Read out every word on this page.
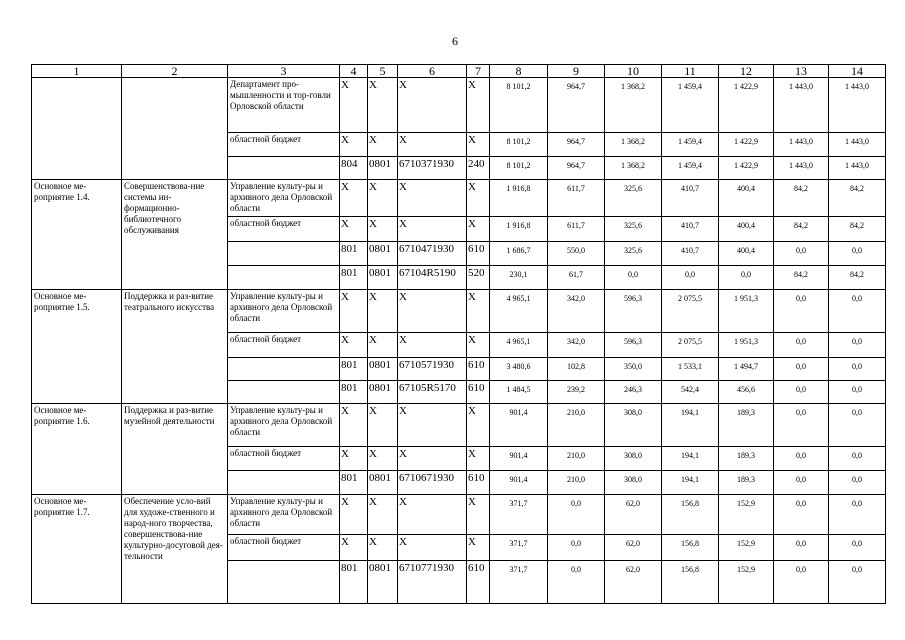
6
1	2	3	4	5	6	7	8	9	10	11	12	13	14
		Департамент про-мышленности и тор-говли Орловской области	X	X	X	X	8 101,2	964,7	1 368,2	1 459,4	1 422,9	1 443,0	1 443,0
		областной бюджет	X	X	X	X	8 101,2	964,7	1 368,2	1 459,4	1 422,9	1 443,0	1 443,0
			804	0801	6710371930	240	8 101,2	964,7	1 368,2	1 459,4	1 422,9	1 443,0	1 443,0
Основное ме-роприятие 1.4.	Совершенствова-ние системы ин-формационно-библиотечного обслуживания	Управление культу-ры и архивного дела Орловской области	X	X	X	X	1 916,8	611,7	325,6	410,7	400,4	84,2	84,2
		областной бюджет	X	X	X	X	1 916,8	611,7	325,6	410,7	400,4	84,2	84,2
			801	0801	6710471930	610	1 686,7	550,0	325,6	410,7	400,4	0,0	0,0
			801	0801	67104R5190	520	230,1	61,7	0,0	0,0	0,0	84,2	84,2
Основное ме-роприятие 1.5.	Поддержка и раз-витие театрального искусства	Управление культу-ры и архивного дела Орловской области	X	X	X	X	4 965,1	342,0	596,3	2 075,5	1 951,3	0,0	0,0
		областной бюджет	X	X	X	X	4 965,1	342,0	596,3	2 075,5	1 951,3	0,0	0,0
			801	0801	6710571930	610	3 480,6	102,8	350,0	1 533,1	1 494,7	0,0	0,0
			801	0801	67105R5170	610	1 484,5	239,2	246,3	542,4	456,6	0,0	0,0
Основное ме-роприятие 1.6.	Поддержка и раз-витие музейной деятельности	Управление культу-ры и архивного дела Орловской области	X	X	X	X	901,4	210,0	308,0	194,1	189,3	0,0	0,0
		областной бюджет	X	X	X	X	901,4	210,0	308,0	194,1	189,3	0,0	0,0
			801	0801	6710671930	610	901,4	210,0	308,0	194,1	189,3	0,0	0,0
Основное ме-роприятие 1.7.	Обеспечение усло-вий для художе-ственного и народ-ного творчества, совершенствова-ние культурно-досуговой дея-тельности	Управление культу-ры и архивного дела Орловской области	X	X	X	X	371,7	0,0	62,0	156,8	152,9	0,0	0,0
		областной бюджет	X	X	X	X	371,7	0,0	62,0	156,8	152,9	0,0	0,0
			801	0801	6710771930	610	371,7	0,0	62,0	156,8	152,9	0,0	0,0
